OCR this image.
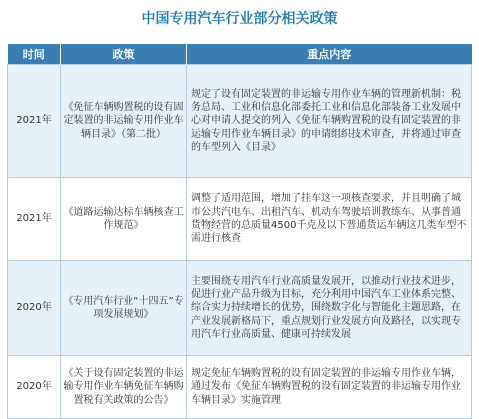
中国专用汽车行业部分相关政策
时间	政策	重点内容
2021年	《免征车辆购置税的设有固定装置的非运输专用作业车辆目录》（第二批）	规定了设有固定装置的非运输专用作业车辆的管理新机制：税务总局、工业和信息化部委托工业和信息化部装备工业发展中心对申请人提交的列入《免征车辆购置税的设有固定装置的非运输专用作业车辆目录》的申请组织技术审查，并将通过审查的车型列入《目录》
2021年	《道路运输达标车辆核查工作规范》	调整了适用范围，增加了挂车这一项核查要求，并且明确了城市公共汽电车、出租汽车、机动车驾驶培训教练车、从事普通货物经营的总质量4500千克及以下普通货运车辆这几类车型不需进行核查
2020年	《专用汽车行业“十四五”专项发展规划》	主要围绕专用汽车行业高质量发展开，以推动行业技术进步，促进行业产品升级为目标，充分利用中国汽车工业体系完整、综合实力持续增长的优势，围绕数字化与智能化主题思路，在产业发展新格局下，重点规划行业发展方向及路径，以实现专用汽车行业高质量、健康可持续发展
2020年	《关于设有固定装置的非运输专用作业车辆免征车辆购置税有关政策的公告》	规定免征车辆购置税的设有固定装置的非运输专用作业车辆，通过发布《免征车辆购置税的设有固定装置的非运输专用作业车辆目录》实施管理
